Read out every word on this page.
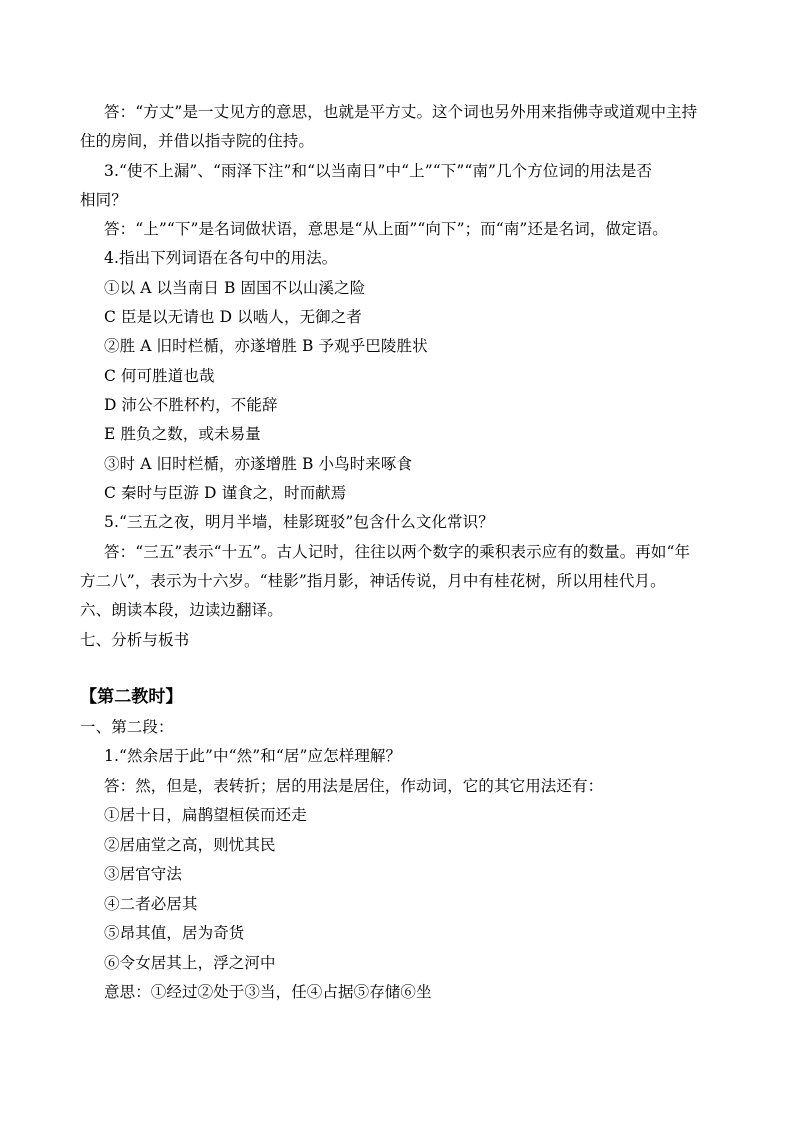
答：“方丈”是一丈见方的意思，也就是平方丈。这个词也另外用来指佛寺或道观中主持
住的房间，并借以指寺院的住持。
3.“使不上漏”、“雨泽下注”和“以当南日”中“上”“下”“南”几个方位词的用法是否
相同？
答：“上”“下”是名词做状语，意思是“从上面”“向下”；而“南”还是名词，做定语。
4.指出下列词语在各句中的用法。
①以 A 以当南日 B 固国不以山溪之险
C 臣是以无请也 D 以啮人，无御之者
②胜 A 旧时栏楯，亦遂增胜 B 予观乎巴陵胜状
C 何可胜道也哉
D 沛公不胜杯杓，不能辞
E 胜负之数，或未易量
③时 A 旧时栏楯，亦遂增胜 B 小鸟时来啄食
C 秦时与臣游 D 谨食之，时而献焉
5.“三五之夜，明月半墙，桂影斑驳”包含什么文化常识？
答：“三五”表示“十五”。古人记时，往往以两个数字的乘积表示应有的数量。再如“年
方二八”，表示为十六岁。“桂影”指月影，神话传说，月中有桂花树，所以用桂代月。
六、朗读本段，边读边翻译。
七、分析与板书
【第二教时】
一、第二段：
1.“然余居于此”中“然”和“居”应怎样理解？
答：然，但是，表转折；居的用法是居住，作动词，它的其它用法还有：
①居十日，扁鹊望桓侯而还走
②居庙堂之高，则忧其民
③居官守法
④二者必居其
⑤昂其值，居为奇货
⑥令女居其上，浮之河中
意思：①经过②处于③当，任④占据⑤存储⑥坐
